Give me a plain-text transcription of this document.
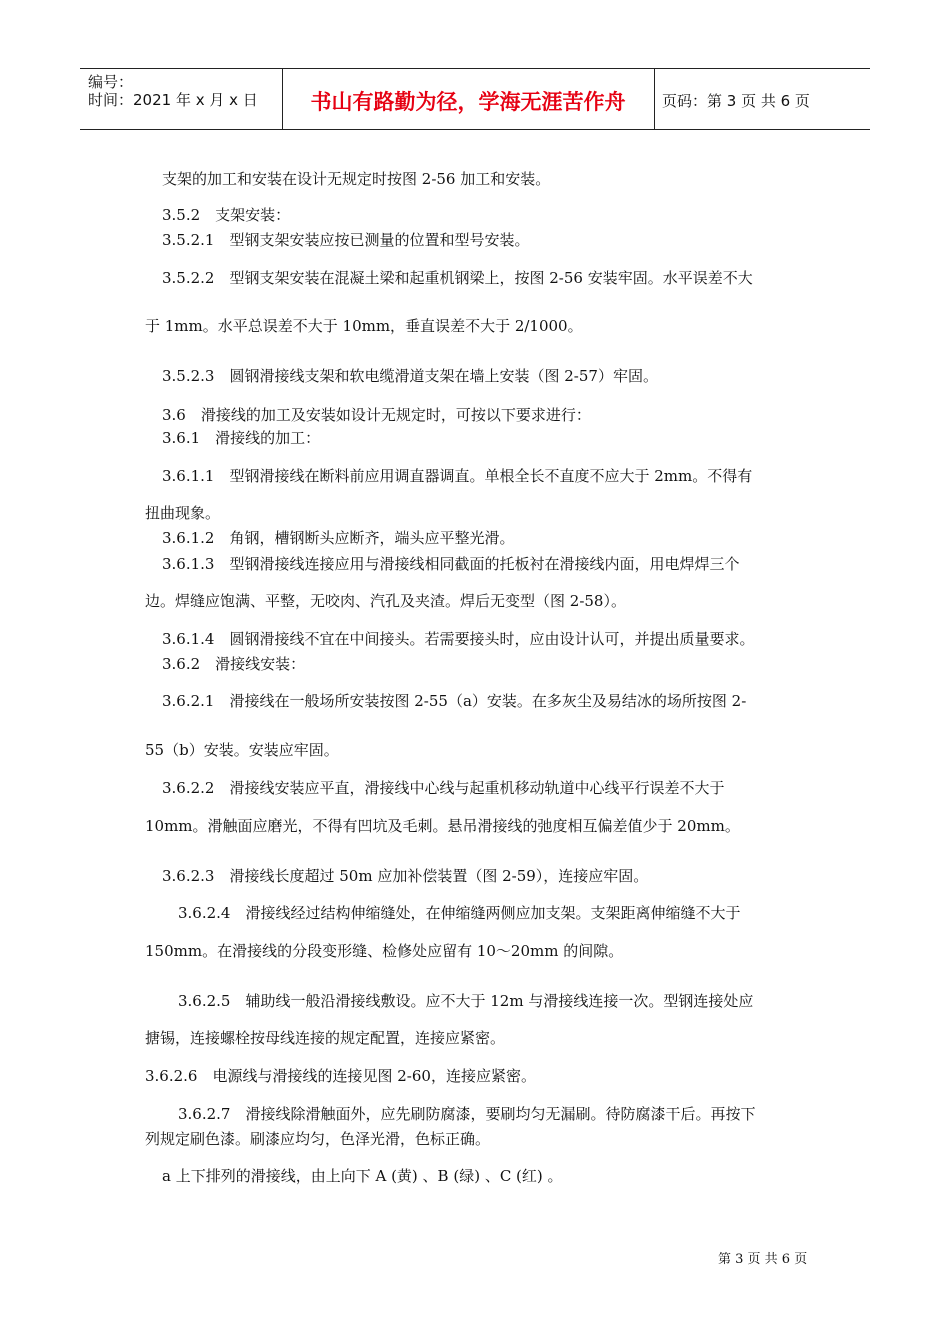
编号：
时间：2021 年 x 月 x 日	书山有路勤为径，学海无涯苦作舟	页码：第 3 页 共 6 页
支架的加工和安装在设计无规定时按图 2-56 加工和安装。
3.5.2　支架安装：
3.5.2.1　型钢支架安装应按已测量的位置和型号安装。
3.5.2.2　型钢支架安装在混凝土梁和起重机钢梁上，按图 2-56 安装牢固。水平误差不大
于 1mm。水平总误差不大于 10mm，垂直误差不大于 2/1000。
3.5.2.3　圆钢滑接线支架和软电缆滑道支架在墙上安装（图 2-57）牢固。
3.6　滑接线的加工及安装如设计无规定时，可按以下要求进行：
3.6.1　滑接线的加工：
3.6.1.1　型钢滑接线在断料前应用调直器调直。单根全长不直度不应大于 2mm。不得有
扭曲现象。
3.6.1.2　角钢，槽钢断头应断齐，端头应平整光滑。
3.6.1.3　型钢滑接线连接应用与滑接线相同截面的托板衬在滑接线内面，用电焊焊三个
边。焊缝应饱满、平整，无咬肉、汽孔及夹渣。焊后无变型（图 2-58）。
3.6.1.4　圆钢滑接线不宜在中间接头。若需要接头时，应由设计认可，并提出质量要求。
3.6.2　滑接线安装：
3.6.2.1　滑接线在一般场所安装按图 2-55（a）安装。在多灰尘及易结冰的场所按图 2-
55（b）安装。安装应牢固。
3.6.2.2　滑接线安装应平直，滑接线中心线与起重机移动轨道中心线平行误差不大于
10mm。滑触面应磨光，不得有凹坑及毛刺。悬吊滑接线的弛度相互偏差值少于 20mm。
3.6.2.3　滑接线长度超过 50m 应加补偿装置（图 2-59），连接应牢固。
3.6.2.4　滑接线经过结构伸缩缝处，在伸缩缝两侧应加支架。支架距离伸缩缝不大于
150mm。在滑接线的分段变形缝、检修处应留有 10～20mm 的间隙。
3.6.2.5　辅助线一般沿滑接线敷设。应不大于 12m 与滑接线连接一次。型钢连接处应
搪锡，连接螺栓按母线连接的规定配置，连接应紧密。
3.6.2.6　电源线与滑接线的连接见图 2-60，连接应紧密。
3.6.2.7　滑接线除滑触面外，应先刷防腐漆，要刷均匀无漏刷。待防腐漆干后。再按下
列规定刷色漆。刷漆应均匀，色泽光滑，色标正确。
a 上下排列的滑接线，由上向下 A (黄) 、B (绿) 、C (红) 。
第 3 页 共 6 页
